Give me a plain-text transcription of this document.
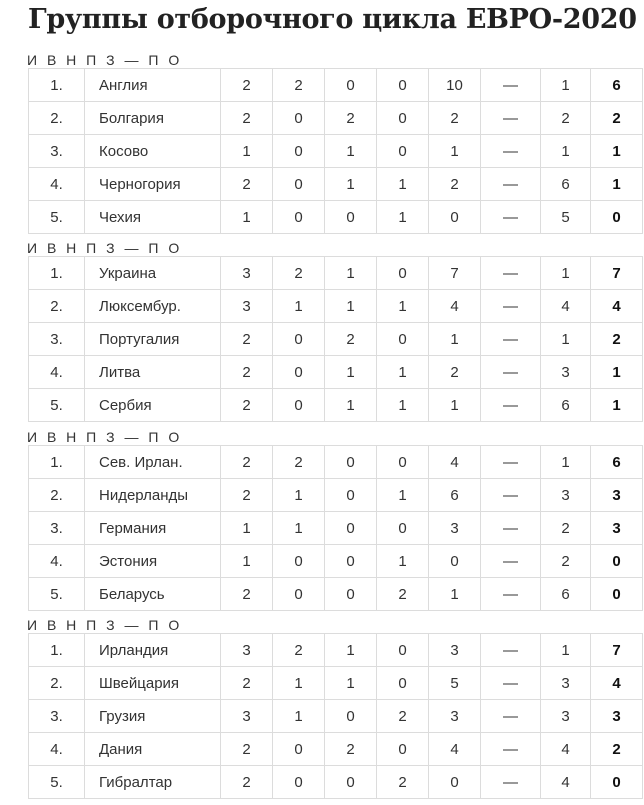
Группы отборочного цикла ЕВРО-2020
И В Н П З — П О
1.	Англия	2	2	0	0	10	—	1	6
2.	Болгария	2	0	2	0	2	—	2	2
3.	Косово	1	0	1	0	1	—	1	1
4.	Черногория	2	0	1	1	2	—	6	1
5.	Чехия	1	0	0	1	0	—	5	0
И В Н П З — П О
1.	Украина	3	2	1	0	7	—	1	7
2.	Люксембур.	3	1	1	1	4	—	4	4
3.	Португалия	2	0	2	0	1	—	1	2
4.	Литва	2	0	1	1	2	—	3	1
5.	Сербия	2	0	1	1	1	—	6	1
И В Н П З — П О
1.	Сев. Ирлан.	2	2	0	0	4	—	1	6
2.	Нидерланды	2	1	0	1	6	—	3	3
3.	Германия	1	1	0	0	3	—	2	3
4.	Эстония	1	0	0	1	0	—	2	0
5.	Беларусь	2	0	0	2	1	—	6	0
И В Н П З — П О
1.	Ирландия	3	2	1	0	3	—	1	7
2.	Швейцария	2	1	1	0	5	—	3	4
3.	Грузия	3	1	0	2	3	—	3	3
4.	Дания	2	0	2	0	4	—	4	2
5.	Гибралтар	2	0	0	2	0	—	4	0
